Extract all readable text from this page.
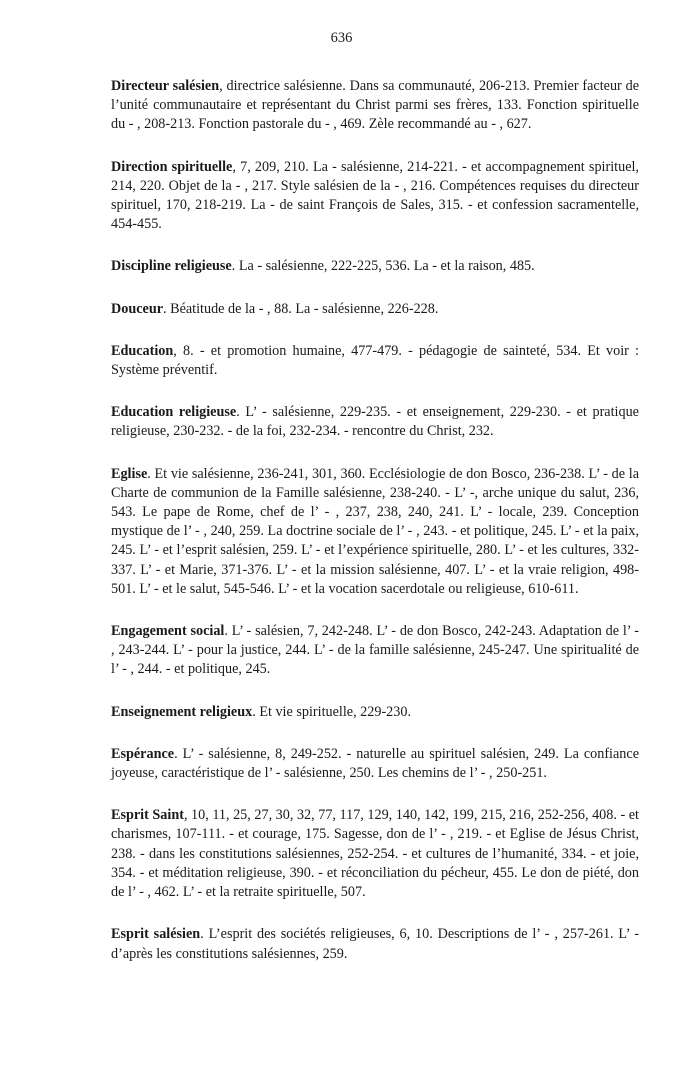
636

Directeur salésien, directrice salésienne. Dans sa communauté, 206-213. Premier facteur de l’unité communautaire et représentant du Christ parmi ses frères, 133. Fonction spirituelle du - , 208-213. Fonction pastorale du - , 469. Zèle recommandé au - , 627.

Direction spirituelle, 7, 209, 210. La - salésienne, 214-221. - et accompagnement spirituel, 214, 220. Objet de la - , 217. Style salésien de la - , 216. Compétences requises du directeur spirituel, 170, 218-219. La - de saint François de Sales, 315. - et confession sacramentelle, 454-455.

Discipline religieuse. La - salésienne, 222-225, 536. La - et la raison, 485.

Douceur. Béatitude de la - , 88. La - salésienne, 226-228.

Education, 8. - et promotion humaine, 477-479. - pédagogie de sainteté, 534. Et voir : Système préventif.

Education religieuse. L’ - salésienne, 229-235. - et enseignement, 229-230. - et pratique religieuse, 230-232. - de la foi, 232-234. - rencontre du Christ, 232.

Eglise. Et vie salésienne, 236-241, 301, 360. Ecclésiologie de don Bosco, 236-238. L’ - de la Charte de communion de la Famille salésienne, 238-240. - L’ -, arche unique du salut, 236, 543. Le pape de Rome, chef de l’ - , 237, 238, 240, 241. L’ - locale, 239. Conception mystique de l’ - , 240, 259. La doctrine sociale de l’ - , 243. - et politique, 245. L’ - et la paix, 245. L’ - et l’esprit salésien, 259. L’ - et l’expérience spirituelle, 280. L’ - et les cultures, 332-337. L’ - et Marie, 371-376. L’ - et la mission salésienne, 407. L’ - et la vraie religion, 498-501. L’ - et le salut, 545-546. L’ - et la vocation sacerdotale ou religieuse, 610-611.

Engagement social. L’ - salésien, 7, 242-248. L’ - de don Bosco, 242-243. Adaptation de l’ - , 243-244. L’ - pour la justice, 244. L’ - de la famille salésienne, 245-247. Une spiritualité de l’ - , 244. - et politique, 245.

Enseignement religieux. Et vie spirituelle, 229-230.

Espérance. L’ - salésienne, 8, 249-252. - naturelle au spirituel salésien, 249. La confiance joyeuse, caractéristique de l’ - salésienne, 250. Les chemins de l’ - , 250-251.

Esprit Saint, 10, 11, 25, 27, 30, 32, 77, 117, 129, 140, 142, 199, 215, 216, 252-256, 408. - et charismes, 107-111. - et courage, 175. Sagesse, don de l’ - , 219. - et Eglise de Jésus Christ, 238. - dans les constitutions salésiennes, 252-254. - et cultures de l’humanité, 334. - et joie, 354. - et méditation religieuse, 390. - et réconciliation du pécheur, 455. Le don de piété, don de l’ - , 462. L’ - et la retraite spirituelle, 507.

Esprit salésien. L’esprit des sociétés religieuses, 6, 10. Descriptions de l’ - , 257-261. L’ - d’après les constitutions salésiennes, 259.
